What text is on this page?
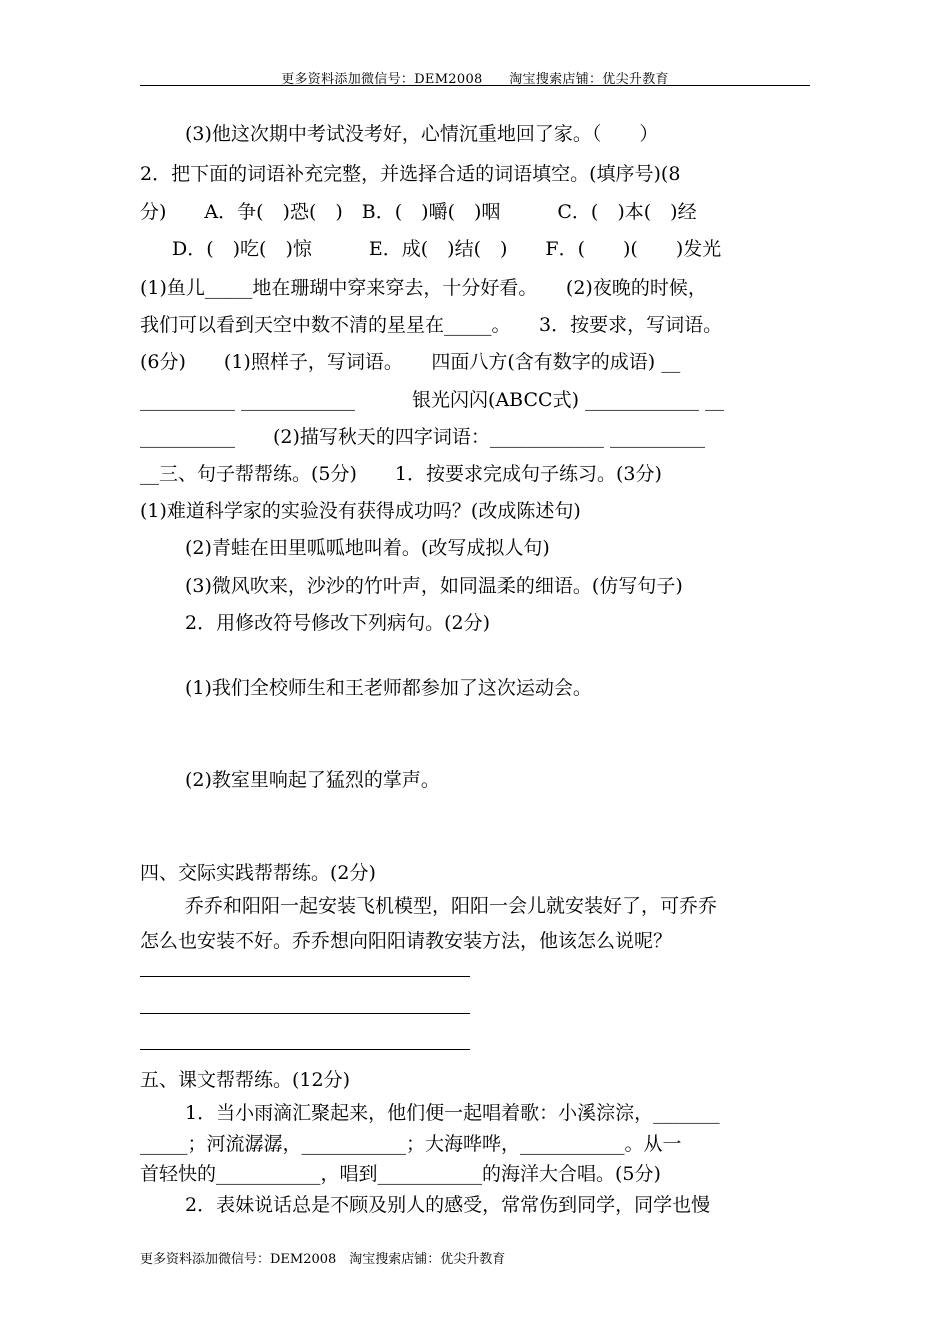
更多资料添加微信号：DEM2008　　淘宝搜索店铺：优尖升教育
(3)他这次期中考试没考好，心情沉重地回了家。（　　）
2．把下面的词语补充完整，并选择合适的词语填空。(填序号)(8
分)　　A．争(　)恐(　)　B．(　)嚼(　)咽　　　C．(　)本(　)经
D．(　)吃(　)惊　　　E．成(　)结(　)　　F．(　　)(　　)发光
(1)鱼儿_____地在珊瑚中穿来穿去，十分好看。　　(2)夜晚的时候，
我们可以看到天空中数不清的星星在_____。　　3．按要求，写词语。
(6分)　　(1)照样子，写词语。　　四面八方(含有数字的成语) __
__________ ____________　　　银光闪闪(ABCC式) ____________ __
__________　　(2)描写秋天的四字词语：____________ __________
__三、句子帮帮练。(5分)　　1．按要求完成句子练习。(3分)
(1)难道科学家的实验没有获得成功吗？(改成陈述句)
(2)青蛙在田里呱呱地叫着。(改写成拟人句)
(3)微风吹来，沙沙的竹叶声，如同温柔的细语。(仿写句子)
2．用修改符号修改下列病句。(2分)
(1)我们全校师生和王老师都参加了这次运动会。
(2)教室里响起了猛烈的掌声。
四、交际实践帮帮练。(2分)
乔乔和阳阳一起安装飞机模型，阳阳一会儿就安装好了，可乔乔
怎么也安装不好。乔乔想向阳阳请教安装方法，他该怎么说呢？
五、课文帮帮练。(12分)
1．当小雨滴汇聚起来，他们便一起唱着歌：小溪淙淙，_______
_____；河流潺潺，___________；大海哗哗，___________。从一
首轻快的___________，唱到___________的海洋大合唱。(5分)
2．表妹说话总是不顾及别人的感受，常常伤到同学，同学也慢
更多资料添加微信号：DEM2008　淘宝搜索店铺：优尖升教育
